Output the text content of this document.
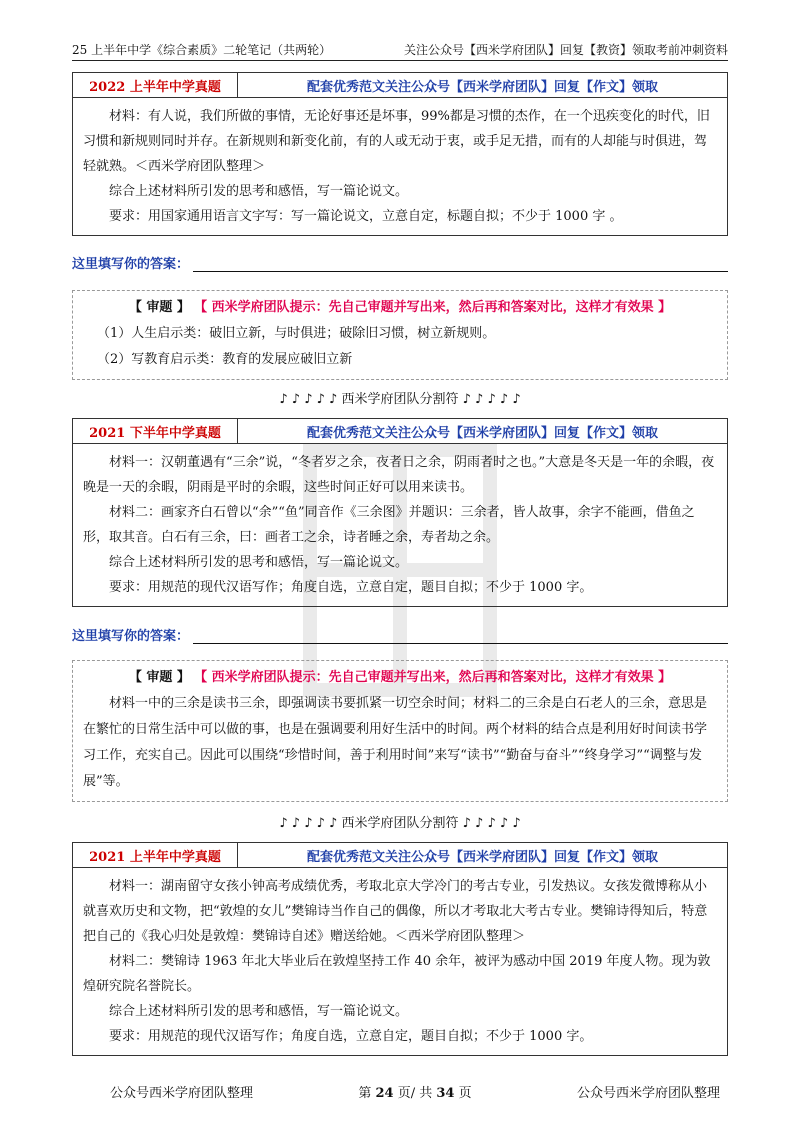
25 上半年中学《综合素质》二轮笔记（共两轮）	关注公众号【西米学府团队】回复【教资】领取考前冲刺资料
2022 上半年中学真题	配套优秀范文关注公众号【西米学府团队】回复【作文】领取

材料：有人说，我们所做的事情，无论好事还是坏事，99%都是习惯的杰作，在一个迅疾变化的时代，旧习惯和新规则同时并存。在新规则和新变化前，有的人或无动于衷，或手足无措，而有的人却能与时俱进，驾轻就熟。＜西米学府团队整理＞

综合上述材料所引发的思考和感悟，写一篇论说文。

要求：用国家通用语言文字写：写一篇论说文，立意自定，标题自拟；不少于 1000 字 。

这里填写你的答案：
【 审题 】 【 西米学府团队提示：先自己审题并写出来，然后再和答案对比，这样才有效果 】

（1）人生启示类：破旧立新，与时俱进；破除旧习惯，树立新规则。

（2）写教育启示类：教育的发展应破旧立新

♪ ♪ ♪ ♪ ♪ 西米学府团队分割符 ♪ ♪ ♪ ♪ ♪
2021 下半年中学真题	配套优秀范文关注公众号【西米学府团队】回复【作文】领取

材料一：汉朝董遇有“三余”说，“冬者岁之余，夜者日之余，阴雨者时之也。”大意是冬天是一年的余暇，夜晚是一天的余暇，阴雨是平时的余暇，这些时间正好可以用来读书。

材料二：画家齐白石曾以“余”“鱼”同音作《三余图》并题识：三余者，皆人故事，余字不能画，借鱼之形，取其音。白石有三余，曰：画者工之余，诗者睡之余，寿者劫之余。

综合上述材料所引发的思考和感悟，写一篇论说文。

要求：用规范的现代汉语写作；角度自选，立意自定，题目自拟；不少于 1000 字。

这里填写你的答案：
【 审题 】 【 西米学府团队提示：先自己审题并写出来，然后再和答案对比，这样才有效果 】

材料一中的三余是读书三余，即强调读书要抓紧一切空余时间；材料二的三余是白石老人的三余，意思是在繁忙的日常生活中可以做的事，也是在强调要利用好生活中的时间。两个材料的结合点是利用好时间读书学习工作，充实自己。因此可以围绕“珍惜时间，善于利用时间”来写“读书”“勤奋与奋斗”“终身学习”“调整与发展”等。

♪ ♪ ♪ ♪ ♪ 西米学府团队分割符 ♪ ♪ ♪ ♪ ♪
2021 上半年中学真题	配套优秀范文关注公众号【西米学府团队】回复【作文】领取

材料一：湖南留守女孩小钟高考成绩优秀，考取北京大学冷门的考古专业，引发热议。女孩发微博称从小就喜欢历史和文物，把“敦煌的女儿”樊锦诗当作自己的偶像，所以才考取北大考古专业。樊锦诗得知后，特意把自己的《我心归处是敦煌：樊锦诗自述》赠送给她。＜西米学府团队整理＞

材料二：樊锦诗 1963 年北大毕业后在敦煌坚持工作 40 余年，被评为感动中国 2019 年度人物。现为敦煌研究院名誉院长。

综合上述材料所引发的思考和感悟，写一篇论说文。

要求：用规范的现代汉语写作；角度自选，立意自定，题目自拟；不少于 1000 字。

公众号西米学府团队整理	第 24 页/ 共 34 页	公众号西米学府团队整理
